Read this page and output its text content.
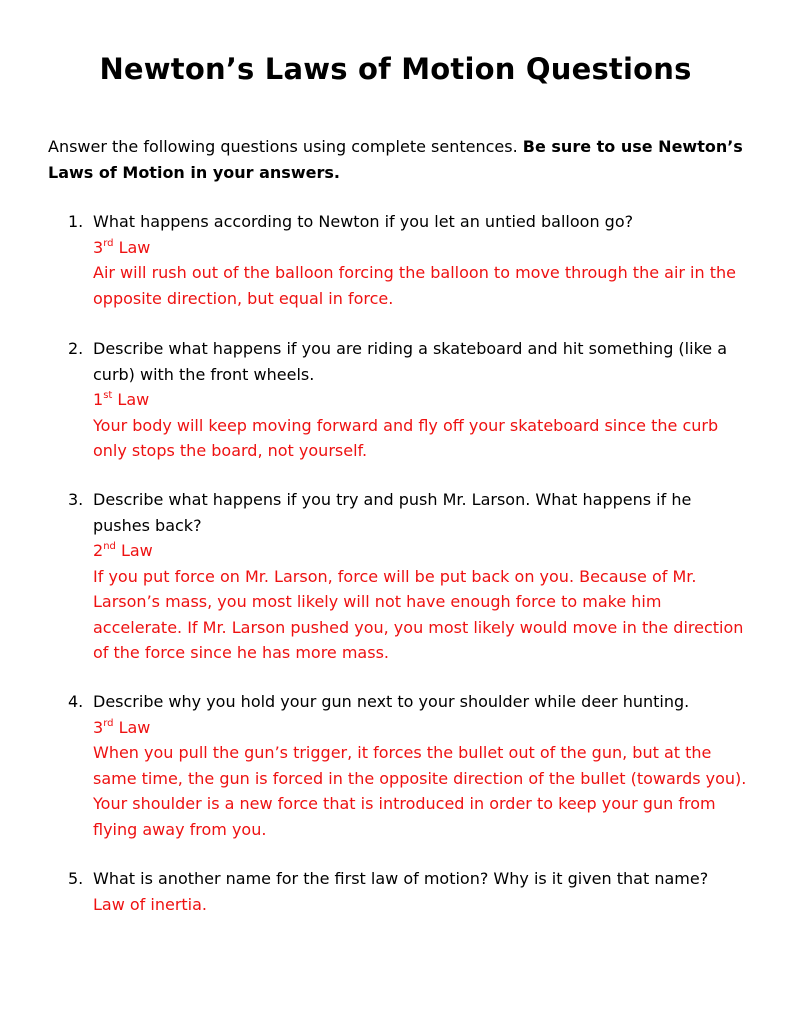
Newton’s Laws of Motion Questions
Answer the following questions using complete sentences. Be sure to use Newton’s Laws of Motion in your answers.
1. What happens according to Newton if you let an untied balloon go?
3rd Law
Air will rush out of the balloon forcing the balloon to move through the air in the opposite direction, but equal in force.
2. Describe what happens if you are riding a skateboard and hit something (like a curb) with the front wheels.
1st Law
Your body will keep moving forward and fly off your skateboard since the curb only stops the board, not yourself.
3. Describe what happens if you try and push Mr. Larson. What happens if he pushes back?
2nd Law
If you put force on Mr. Larson, force will be put back on you. Because of Mr. Larson’s mass, you most likely will not have enough force to make him accelerate. If Mr. Larson pushed you, you most likely would move in the direction of the force since he has more mass.
4. Describe why you hold your gun next to your shoulder while deer hunting.
3rd Law
When you pull the gun’s trigger, it forces the bullet out of the gun, but at the same time, the gun is forced in the opposite direction of the bullet (towards you). Your shoulder is a new force that is introduced in order to keep your gun from flying away from you.
5. What is another name for the first law of motion? Why is it given that name?
Law of inertia.
